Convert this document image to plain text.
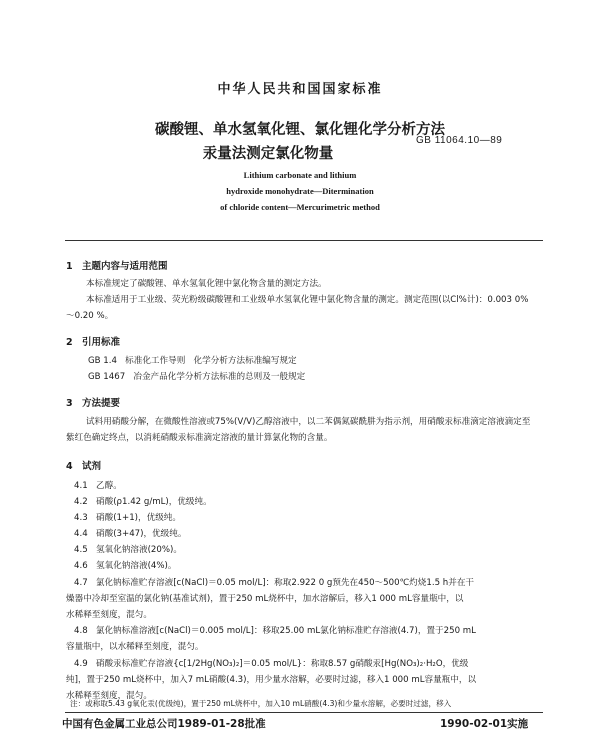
中华人民共和国国家标准
碳酸锂、单水氢氧化锂、氯化锂化学分析方法
汞量法测定氯化物量
GB 11064.10—89
Lithium carbonate and lithium
hydroxide monohydrate—Ditermination
of chloride content—Mercurimetric method
1 主题内容与适用范围
本标准规定了碳酸锂、单水氢氧化锂中氯化物含量的测定方法。
本标准适用于工业级、荧光粉级碳酸锂和工业级单水氢氧化锂中氯化物含量的测定。测定范围(以Cl%计)：0.003 0%～0.20 %。
2 引用标准
GB 1.4   标准化工作导则   化学分析方法标准编写规定
GB 1467   冶金产品化学分析方法标准的总则及一般规定
3 方法提要
试料用硝酸分解，在微酸性溶液或75%(V/V)乙醇溶液中，以二苯偶氮碳酰肼为指示剂，用硝酸汞标准滴定溶液滴定至紫红色确定终点，以消耗硝酸汞标准滴定溶液的量计算氯化物的含量。
4 试剂
4.1 乙醇。
4.2 硝酸(ρ1.42 g/mL)，优级纯。
4.3 硝酸(1+1)，优级纯。
4.4 硝酸(3+47)，优级纯。
4.5 氢氧化钠溶液(20%)。
4.6 氢氧化钠溶液(4%)。
4.7   氯化钠标准贮存溶液[c(NaCl)＝0.05 mol/L]：称取2.922 0 g预先在450～500℃灼烧1.5 h并在干
燥器中冷却至室温的氯化钠(基准试剂)，置于250 mL烧杯中，加水溶解后，移入1 000 mL容量瓶中，以
水稀释至刻度，混匀。
4.8   氯化钠标准溶液[c(NaCl)＝0.005 mol/L]：移取25.00 mL氯化钠标准贮存溶液(4.7)，置于250 mL
容量瓶中，以水稀释至刻度，混匀。
4.9   硝酸汞标准贮存溶液{c[1/2Hg(NO₃)₂]＝0.05 mol/L}：称取8.57 g硝酸汞[Hg(NO₃)₂·H₂O，优级
纯]，置于250 mL烧杯中，加入7 mL硝酸(4.3)，用少量水溶解，必要时过滤，移入1 000 mL容量瓶中，以
水稀释至刻度，混匀。
注：或称取5.43 g氧化汞(优级纯)，置于250 mL烧杯中，加入10 mL硝酸(4.3)和少量水溶解，必要时过滤，移入
中国有色金属工业总公司1989-01-28批准	1990-02-01实施
